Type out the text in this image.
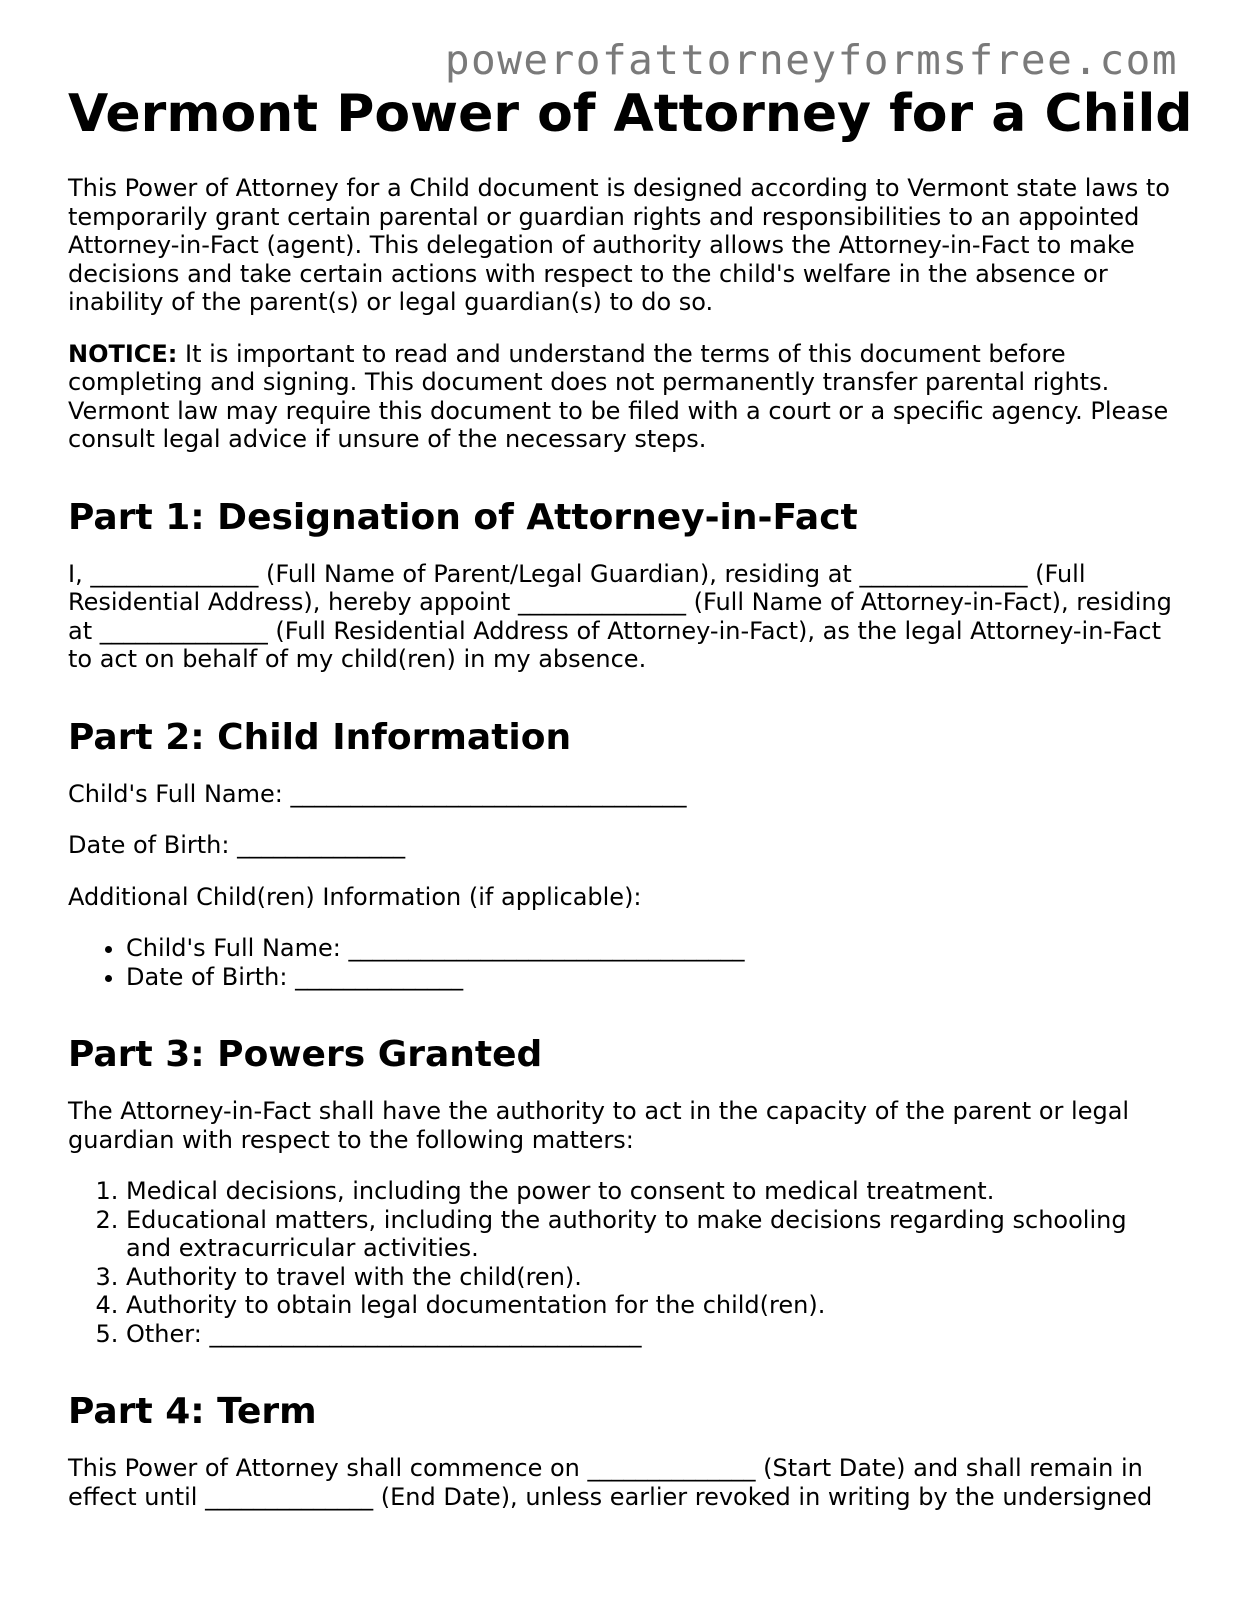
powerofattorneyformsfree.com
Vermont Power of Attorney for a Child

This Power of Attorney for a Child document is designed according to Vermont state laws to temporarily grant certain parental or guardian rights and responsibilities to an appointed Attorney-in-Fact (agent). This delegation of authority allows the Attorney-in-Fact to make decisions and take certain actions with respect to the child's welfare in the absence or inability of the parent(s) or legal guardian(s) to do so.

NOTICE: It is important to read and understand the terms of this document before completing and signing. This document does not permanently transfer parental rights. Vermont law may require this document to be filed with a court or a specific agency. Please consult legal advice if unsure of the necessary steps.

Part 1: Designation of Attorney-in-Fact

I, ______________ (Full Name of Parent/Legal Guardian), residing at ______________ (Full Residential Address), hereby appoint ______________ (Full Name of Attorney-in-Fact), residing at ______________ (Full Residential Address of Attorney-in-Fact), as the legal Attorney-in-Fact to act on behalf of my child(ren) in my absence.

Part 2: Child Information

Child's Full Name: _________________________________

Date of Birth: ______________

Additional Child(ren) Information (if applicable):

• Child's Full Name: _________________________________
• Date of Birth: ______________
Part 3: Powers Granted

The Attorney-in-Fact shall have the authority to act in the capacity of the parent or legal guardian with respect to the following matters:

1. Medical decisions, including the power to consent to medical treatment.
2. Educational matters, including the authority to make decisions regarding schooling and extracurricular activities.
3. Authority to travel with the child(ren).
4. Authority to obtain legal documentation for the child(ren).
5. Other: ____________________________________
Part 4: Term

This Power of Attorney shall commence on ______________ (Start Date) and shall remain in effect until ______________ (End Date), unless earlier revoked in writing by the undersigned
